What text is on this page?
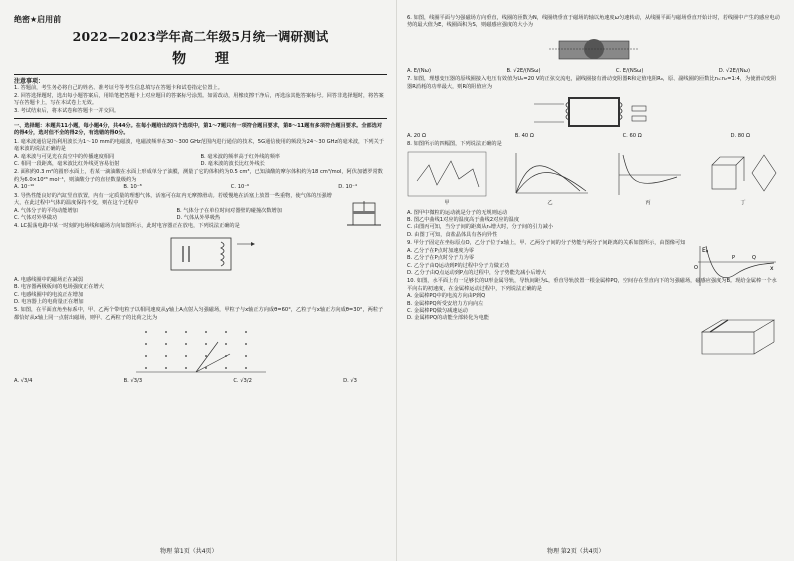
绝密★启用前
2022—2023学年高二年级5月统一调研测试
物 理
注意事项：
1. 答题前，考生务必将自己的姓名、准考证号等考生信息填写在答题卡和试卷指定位置上。
2. 回答选择题时，选出每小题答案后，用铅笔把答题卡上对应题目的答案标号涂黑。如需改动，用橡皮擦干净后，再选涂其他答案标号。回答非选择题时，将答案写在答题卡上，写在本试卷上无效。
3. 考试结束后，将本试卷和答题卡一并交回。
一、选择题：本题共11小题，每小题4分，共44分。在每小题给出的四个选项中，第1～7题只有一项符合题目要求，第8～11题有多项符合题目要求。全部选对的得4分，选对但不全的得2分，有选错的得0分。
1. 毫米波通信是指利用波长为1～10 mm的电磁波，电磁波频率在30～300 GHz范围内进行通信的技术，5G通信使用的频段为24～30 GHz的毫米波，下列关于毫米波的说法正确的是
A. 毫米波与可见光在真空中的传播速度相同	B. 毫米波的频率高于红外线的频率
C. 相同一段距离，毫米波比红外线更容易衍射	D. 毫米波的波长比红外线长
2. 面积约0.3 m²的圆形水面上，若某一滴油酸在水面上形成单分子油膜，测量了它的体积约为0.5 cm³，已知油酸的摩尔体积约为18 cm³/mol，阿伏加德罗常数约为6.0×10²³ mol⁻¹，则油酸分子的直径数量级约为
A. 10⁻¹⁰	B. 10⁻⁸	C. 10⁻⁶	D. 10⁻⁴
3. 导热性能良好的汽缸竖直放置，内有一定质量的理想气体，活塞可在缸内无摩擦滑动。若缓慢地在活塞上放置一些重物，使气体的压强增大，在此过程中气体的温度保持不变，则在这个过程中
A. 气体分子的平均动能增加	B. 气体分子在单位时间对器壁的碰撞次数增加
C. 气体对外界做功	D. 气体从外界吸热
4. LC振荡电路中某一时刻的电场线和磁场方向如图所示，此时电容器正在放电，下列说法正确的是
A. 电感线圈中的磁场正在减弱
B. 电容器两极板间的电场强度正在增大
C. 电感线圈中的电流正在增加
D. 电容器上的电荷量正在增加
5. 如图，在平面直角坐标系中，甲、乙两个带电粒子以相同速度从y轴上A点射入匀强磁场，甲粒子与x轴正方向成θ=60°，乙粒子与x轴正方向成θ=30°，两粒子都恰好从x轴上同一点射出磁场，则甲、乙两粒子的比荷之比为
A. √3/4	B. √3/3	C. √3/2	D. √3
物理 第1页（共4页）
6. 如图，线圈平面与匀强磁场方向垂直，线圈的匝数为N，线圈绕垂直于磁场的轴以角速度ω匀速转动，从线圈平面与磁场垂直开始计时，若线圈中产生的感应电动势的最大值为E，线圈面积为S，则磁感应强度的大小为
A. E/(Nω)	B. √2E/(NSω)	C. E/(NSω)	D. √2E/(Nω)
7. 如图，理想变压器的原线圈接入电压有效值为U₀=20 V的正弦交流电，副线圈接有滑动变阻器R和定值电阻R₀，原、副线圈的匝数比n₁:n₂=1:4，为使滑动变阻器R消耗的功率最大，则R的阻值应为
A. 20 Ω	B. 40 Ω	C. 60 Ω	D. 80 Ω
8. 如图所示的四幅图，下列说法正确的是
甲	乙	丙	丁
A. 图甲中微粒的运动就是分子的无规则运动
B. 图乙中曲线1对应的温度高于曲线2对应的温度
C. 由图丙可知，当分子间的距离从r₀增大时，分子间的引力减小
D. 由图丁可知，食盐晶体具有各向异性
9. 甲分子固定在坐标原点O，乙分子位于x轴上，甲、乙两分子间的分子势能与两分子间距离的关系如图所示，由图像可知
Eₚ
x
O
P	Q
A. 乙分子在P点时加速度为零
B. 乙分子在P点时分子力为零
C. 乙分子由Q运动到P的过程中分子力做正功
D. 乙分子由Q点运动到P点的过程中，分子势能先减小后增大
10. 如图，水平面上有一足够长的U形金属导轨，导轨间距为L，垂直导轨放置一根金属棒PQ，空间存在竖直向下的匀强磁场，磁感应强度为B。现给金属棒一个水平向右的初速度，在金属棒运动过程中，下列说法正确的是
A. 金属棒PQ中的电流方向由P到Q
B. 金属棒PQ所受安培力方向向左
C. 金属棒PQ做匀减速运动
D. 金属棒PQ的动能全部转化为电能
物理 第2页（共4页）
